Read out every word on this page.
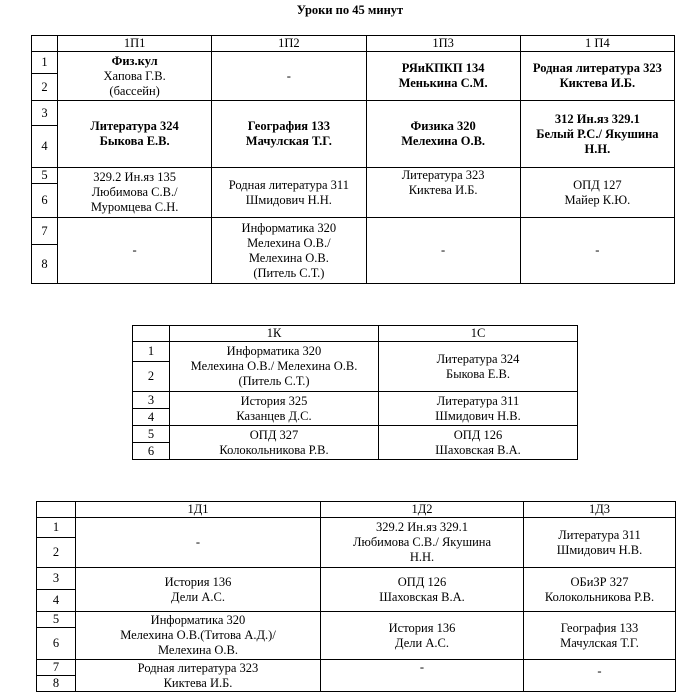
Уроки по 45 минут
	1П1	1П2	1П3	1 П4
1	Физ.кул
Хапова Г.В.
(бассейн)	-	РЯиКПКП 134
Менькина С.М.	Родная литература 323
Киктева И.Б.
2				
3	Литература 324
Быкова Е.В.	География 133
Мачулская Т.Г.	Физика 320
Мелехина О.В.	312 Ин.яз 329.1
Белый Р.С./ Якушина
Н.Н.
4				
5	329.2 Ин.яз 135
Любимова С.В./
Муромцева С.Н.	Родная литература 311
Шмидович Н.Н.	Литература 323
Киктева И.Б.	ОПД 127
Майер К.Ю.
6				
7	-	Информатика 320
Мелехина О.В./
Мелехина О.В.
(Питель С.Т.)	-	-
8				
	1К	1С
1	Информатика 320
Мелехина О.В./ Мелехина О.В.
(Питель С.Т.)	Литература 324
Быкова Е.В.
2		
3	История 325
Казанцев Д.С.	Литература 311
Шмидович Н.В.
4		
5	ОПД 327
Колокольникова Р.В.	ОПД 126
Шаховская В.А.
6		
	1Д1	1Д2	1Д3
1	-	329.2 Ин.яз 329.1
Любимова С.В./ Якушина
Н.Н.	Литература 311
Шмидович Н.В.
2			
3	История 136
Дели А.С.	ОПД 126
Шаховская В.А.	ОБиЗР 327
Колокольникова Р.В.
4			
5	Информатика 320
Мелехина О.В.(Титова А.Д.)/
Мелехина О.В.	История 136
Дели А.С.	География 133
Мачулская Т.Г.
6			
7	Родная литература 323
Киктева И.Б.	-	-
8			
